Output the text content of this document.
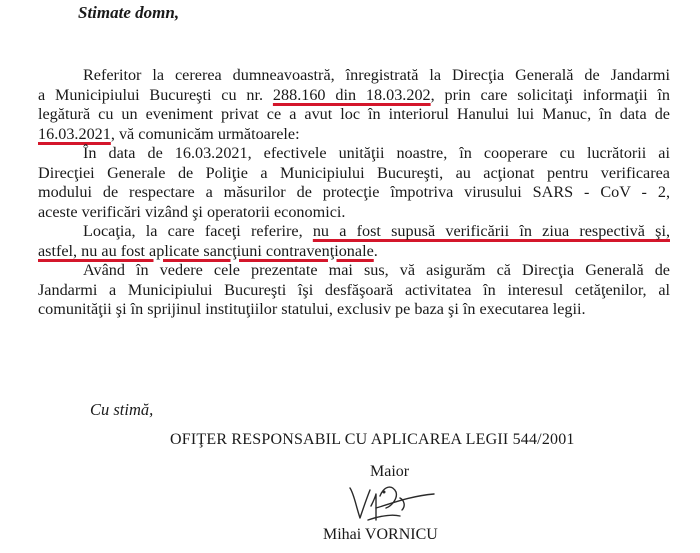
Stimate domn,
Referitor la cererea dumneavoastră, înregistrată la Direcţia Generală de Jandarmi
a Municipiului Bucureşti cu nr. 288.160 din 18.03.202, prin care solicitaţi informaţii în
legătură cu un eveniment privat ce a avut loc în interiorul Hanului lui Manuc, în data de
16.03.2021, vă comunicăm următoarele:
În data de 16.03.2021, efectivele unităţii noastre, în cooperare cu lucrătorii ai
Direcţiei Generale de Poliţie a Municipiului Bucureşti, au acţionat pentru verificarea
modului de respectare a măsurilor de protecţie împotriva virusului SARS - CoV - 2,
aceste verificări vizând şi operatorii economici.
Locaţia, la care faceţi referire, nu a fost supusă verificării în ziua respectivă şi,
astfel, nu au fost aplicate sancţiuni contravenţionale.
Având în vedere cele prezentate mai sus, vă asigurăm că Direcţia Generală de
Jandarmi a Municipiului Bucureşti îşi desfăşoară activitatea în interesul cetăţenilor, al
comunităţii şi în sprijinul instituţiilor statului, exclusiv pe baza şi în executarea legii.
Cu stimă,
OFIŢER RESPONSABIL CU APLICAREA LEGII 544/2001
Maior
Mihai VORNICU
